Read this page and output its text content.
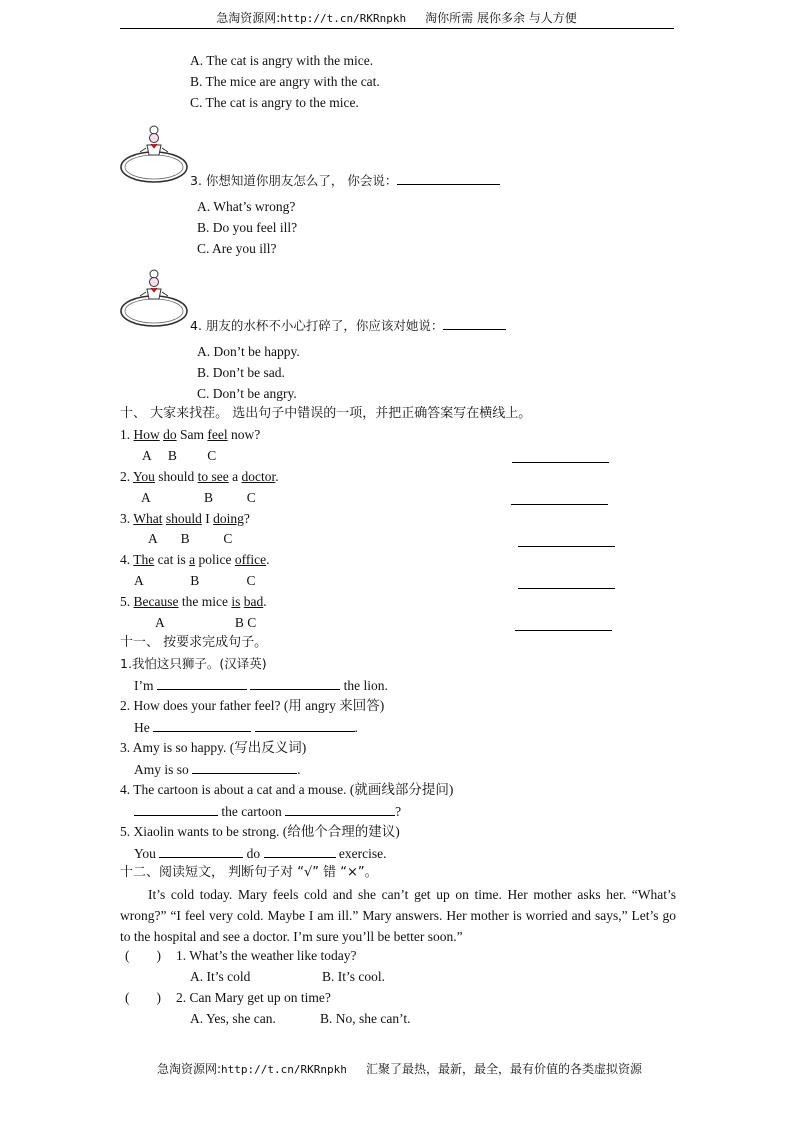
急淘资源网:http://t.cn/RKRnpkh 淘你所需 展你多余 与人方便
A. The cat is angry with the mice.
B. The mice are angry with the cat.
C. The cat is angry to the mice.
3. 你想知道你朋友怎么了， 你会说：
A. What’s wrong?
B. Do you feel ill?
C. Are you ill?
4. 朋友的水杯不小心打碎了，你应该对她说：
A. Don’t be happy.
B. Don’t be sad.
C. Don’t be angry.
十、 大家来找茬。 选出句子中错误的一项，并把正确答案写在横线上。
1. How do Sam feel now?
A     B         C
2. You should to see a doctor.
A                B          C
3. What should I doing?
A       B          C
4. The cat is a police office.
A              B              C
5. Because the mice is bad.
A                     B C
十一、 按要求完成句子。
1.我怕这只狮子。(汉译英)
I’m	the lion.
2. How does your father feel? (用 angry 来回答)
He	.
3. Amy is so happy. (写出反义词)
Amy is so	.
4. The cartoon is about a cat and a mouse. (就画线部分提问)
the cartoon	?
5. Xiaolin wants to be strong. (给他个合理的建议)
You	do	exercise.
十二、阅读短文， 判断句子对 “√” 错 “×”。
It’s cold today. Mary feels cold and she can’t get up on time. Her mother asks her. “What’s wrong?” “I feel very cold. Maybe I am ill.” Mary answers. Her mother is worried and says,” Let’s go to the hospital and see a doctor. I’m sure you’ll be better soon.”
(        ) 1. What’s the weather like today?
A. It’s cold	B. It’s cool.
(        ) 2. Can Mary get up on time?
A. Yes, she can.	B. No, she can’t.
急淘资源网:http://t.cn/RKRnpkh 汇聚了最热，最新，最全，最有价值的各类虚拟资源
